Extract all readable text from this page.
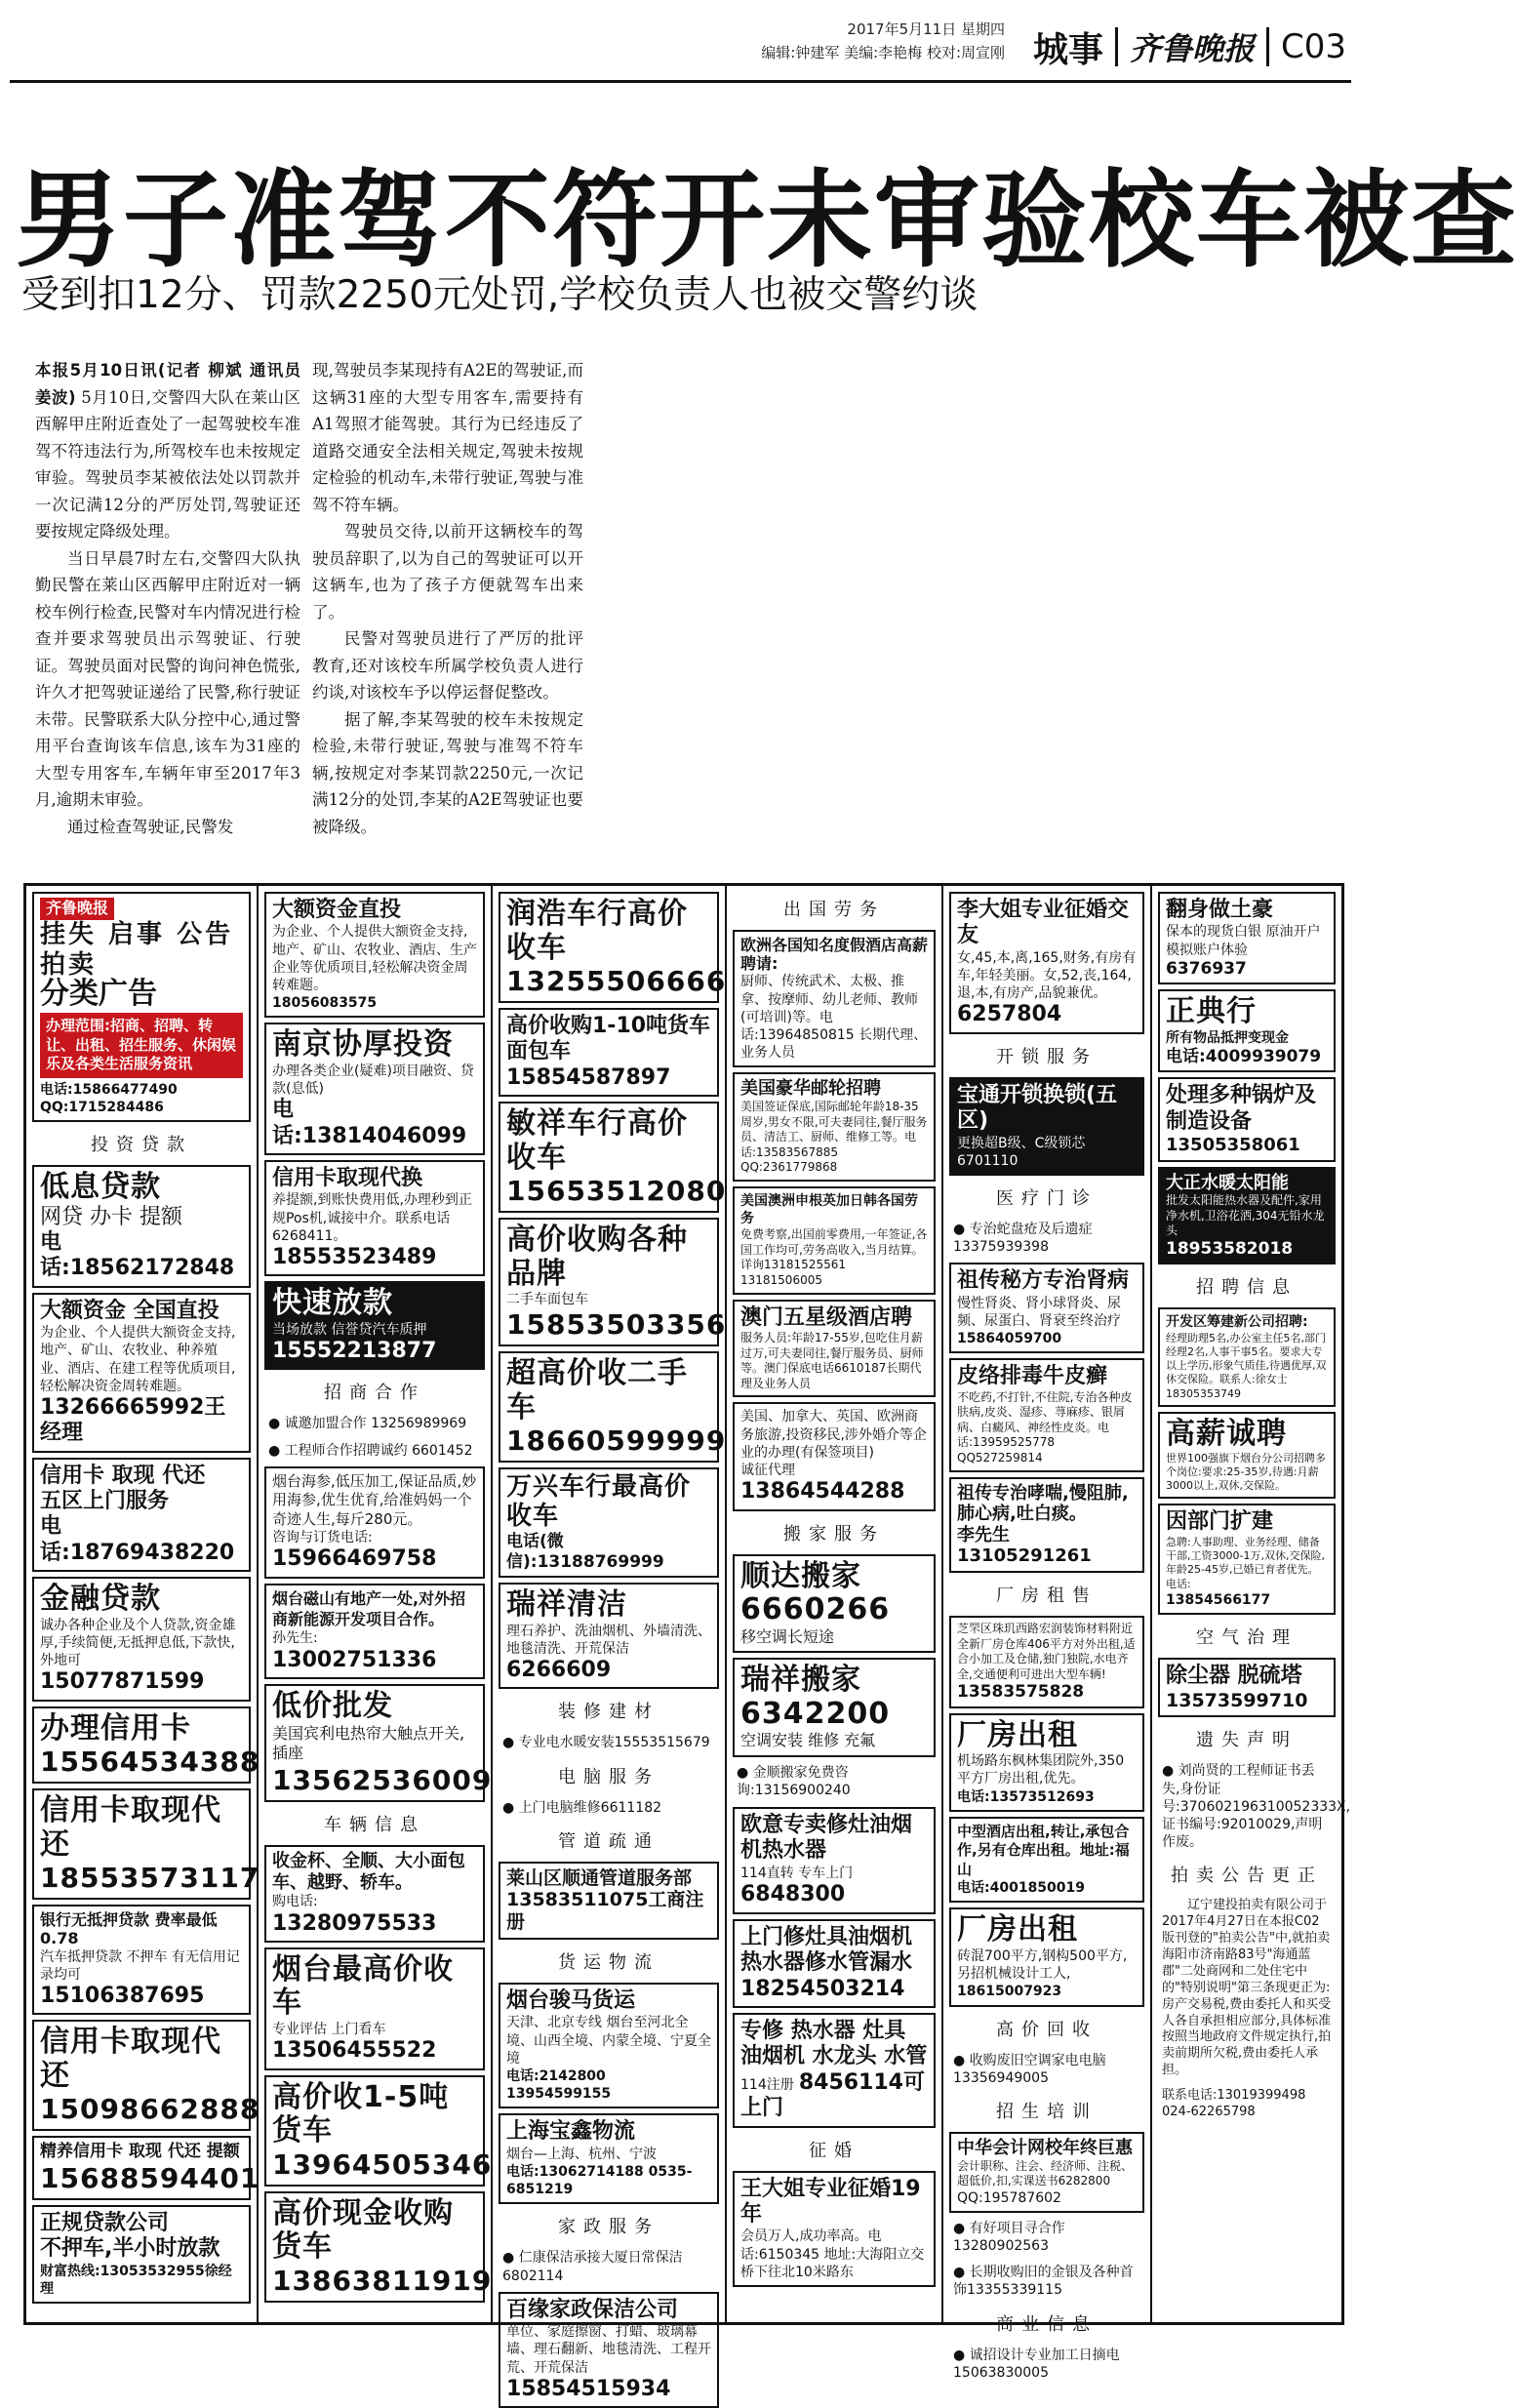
2017年5月11日 星期四
编辑:钟建军 美编:李艳梅 校对:周宣刚 城事 齐鲁晚报 C03
男子准驾不符开未审验校车被查
受到扣12分、罚款2250元处罚,学校负责人也被交警约谈

本报5月10日讯(记者 柳斌 通讯员 姜波) 5月10日,交警四大队在莱山区西解甲庄附近查处了一起驾驶校车准驾不符违法行为,所驾校车也未按规定审验。驾驶员李某被依法处以罚款并一次记满12分的严厉处罚,驾驶证还要按规定降级处理。

当日早晨7时左右,交警四大队执勤民警在莱山区西解甲庄附近对一辆校车例行检查,民警对车内情况进行检查并要求驾驶员出示驾驶证、行驶证。驾驶员面对民警的询问神色慌张,许久才把驾驶证递给了民警,称行驶证未带。民警联系大队分控中心,通过警用平台查询该车信息,该车为31座的大型专用客车,车辆年审至2017年3月,逾期未审验。

通过检查驾驶证,民警发

现,驾驶员李某现持有A2E的驾驶证,而这辆31座的大型专用客车,需要持有A1驾照才能驾驶。其行为已经违反了道路交通安全法相关规定,驾驶未按规定检验的机动车,未带行驶证,驾驶与准驾不符车辆。

驾驶员交待,以前开这辆校车的驾驶员辞职了,以为自己的驾驶证可以开这辆车,也为了孩子方便就驾车出来了。

民警对驾驶员进行了严厉的批评教育,还对该校车所属学校负责人进行约谈,对该校车予以停运督促整改。

据了解,李某驾驶的校车未按规定检验,未带行驶证,驾驶与准驾不符车辆,按规定对李某罚款2250元,一次记满12分的处罚,李某的A2E驾驶证也要被降级。

齐鲁晚报
挂失 启事 公告 拍卖
分类广告
办理范围:招商、招聘、转让、出租、招生服务、休闲娱乐及各类生活服务资讯
电话:15866477490 QQ:1715284486
投资贷款
低息贷款
网贷 办卡 提额
电话:18562172848
大额资金 全国直投
为企业、个人提供大额资金支持,地产、矿山、农牧业、种养殖业、酒店、在建工程等优质项目,轻松解决资金周转难题。
13266665992王经理
信用卡 取现 代还
五区上门服务
电话:18769438220
金融贷款
诚办各种企业及个人贷款,资金雄厚,手续简便,无抵押息低,下款快,外地可
15077871599
办理信用卡
15564534388
信用卡取现代还
18553573117
银行无抵押贷款 费率最低0.78
汽车抵押贷款 不押车 有无信用记录均可
15106387695
信用卡取现代还
15098662888
精养信用卡 取现 代还 提额
15688594401
正规贷款公司
不押车,半小时放款
财富热线:13053532955徐经理
大额资金直投
为企业、个人提供大额资金支持,地产、矿山、农牧业、酒店、生产企业等优质项目,轻松解决资金周转难题。
18056083575
南京协厚投资
办理各类企业(疑难)项目融资、贷款(息低)
电话:13814046099
信用卡取现代换
养提额,到账快费用低,办理秒到正规Pos机,诚接中介。联系电话6268411。
18553523489
快速放款
当场放款 信誉贷汽车质押
15552213877
招商合作
● 诚邀加盟合作 13256989969
● 工程师合作招聘诚约 6601452
烟台海参,低压加工,保证品质,妙用海参,优生优育,给准妈妈一个奇迹人生,每斤280元。
咨询与订货电话:
15966469758
烟台磁山有地产一处,对外招商新能源开发项目合作。
孙先生:
13002751336
低价批发
美国宾利电热帘大触点开关,插座
13562536009
车辆信息
收金杯、全顺、大小面包车、越野、轿车。
购电话:
13280975533
烟台最高价收车
专业评估 上门看车
13506455522
高价收1-5吨货车
13964505346
高价现金收购货车
13863811919
润浩车行高价收车
13255506666
高价收购1-10吨货车面包车
15854587897
敏祥车行高价收车
15653512080
高价收购各种品牌
二手车面包车
15853503356
超高价收二手车
18660599999
万兴车行最高价收车
电话(微信):13188769999
瑞祥清洁
理石养护、洗油烟机、外墙清洗、地毯清洗、开荒保洁
6266609
装修建材
● 专业电水暖安装15553515679
电脑服务
● 上门电脑维修6611182
管道疏通
莱山区顺通管道服务部
13583511075工商注册
货运物流
烟台骏马货运
天津、北京专线 烟台至河北全境、山西全境、内蒙全境、宁夏全境
电话:2142800 13954599155
上海宝鑫物流
烟台—上海、杭州、宁波
电话:13062714188 0535-6851219
家政服务
● 仁康保洁承接大厦日常保洁6802114
百缘家政保洁公司
单位、家庭擦窗、打蜡、玻璃幕墙、理石翻新、地毯清洗、工程开荒、开荒保洁
15854515934
出国劳务
欧洲各国知名度假酒店高薪聘请:
厨师、传统武术、太极、推拿、按摩师、幼儿老师、教师(可培训)等。电话:13964850815 长期代理、业务人员
美国豪华邮轮招聘
美国签证保底,国际邮轮年龄18-35周岁,男女不限,可夫妻同往,餐厅服务员、清洁工、厨师、维修工等。电话:13583567885 QQ:2361779868
美国澳洲申根英加日韩各国劳务
免费考察,出国前零费用,一年签证,各国工作均可,劳务高收入,当月结算。详询13181525561 13181506005
澳门五星级酒店聘
服务人员:年龄17-55岁,包吃住月薪过万,可夫妻同往,餐厅服务员、厨师等。澳门保底电话6610187长期代理及业务人员
美国、加拿大、英国、欧洲商务旅游,投资移民,涉外婚介等企业的办理(有保签项目)
诚征代理
13864544288
搬家服务
顺达搬家 6660266
移空调长短途
瑞祥搬家 6342200
空调安装 维修 充氟
● 金顺搬家免费咨询:13156900240
欧意专卖修灶油烟机热水器
114直转 专车上门 6848300
上门修灶具油烟机热水器修水管漏水
18254503214
专修 热水器 灶具 油烟机 水龙头 水管
114注册 8456114可上门
征婚
王大姐专业征婚19年
会员万人,成功率高。电话:6150345 地址:大海阳立交桥下往北10米路东
李大姐专业征婚交友
女,45,本,离,165,财务,有房有车,年轻美丽。女,52,丧,164,退,本,有房产,品貌兼优。
6257804
开锁服务
宝通开锁换锁(五区)
更换超B级、C级锁芯6701110
医疗门诊
● 专治蛇盘疮及后遗症13375939398
祖传秘方专治肾病
慢性肾炎、肾小球肾炎、尿频、尿蛋白、肾衰至终治疗
15864059700
皮络排毒牛皮癣
不吃药,不打针,不住院,专治各种皮肤病,皮炎、湿疹、荨麻疹、银屑病、白癜风、神经性皮炎。电话:13959525778 QQ527259814
祖传专治哮喘,慢阻肺,肺心病,吐白痰。
李先生13105291261
厂房租售
芝罘区珠玑西路宏润装饰材料附近全新厂房仓库406平方对外出租,适合小加工及仓储,独门独院,水电齐全,交通便利可进出大型车辆!
13583575828
厂房出租
机场路东枫林集团院外,350平方厂房出租,优先。
电话:13573512693
中型酒店出租,转让,承包合作,另有仓库出租。地址:福山
电话:4001850019
厂房出租
砖混700平方,钢构500平方,另招机械设计工人,
18615007923
高价回收
● 收购废旧空调家电电脑13356949005
招生培训
中华会计网校年终巨惠
会计职称、注会、经济师、注税、超低价,扣,实课送书6282800
QQ:195787602
● 有好项目寻合作13280902563
● 长期收购旧的金银及各种首饰13355339115
商业信息
● 诚招设计专业加工日摘电15063830005
翻身做土豪
保本的现货白银 原油开户 模拟账户体验
6376937
正典行
所有物品抵押变现金
电话:4009939079
处理多种锅炉及制造设备
13505358061
大正水暖太阳能
批发太阳能热水器及配件,家用净水机,卫浴花洒,304无铅水龙头
18953582018
招聘信息
开发区筹建新公司招聘:
经理助理5名,办公室主任5名,部门经理2名,人事干事5名。要求大专以上学历,形象气质佳,待遇优厚,双休交保险。联系人:徐女士 18305353749
高薪诚聘
世界100强旗下烟台分公司招聘多个岗位:要求:25-35岁,待遇:月薪3000以上,双休,交保险。
因部门扩建
急聘:人事助理、业务经理、储备干部,工资3000-1万,双休,交保险,年龄25-45岁,已婚已育者优先。电话:
13854566177
空气治理
除尘器 脱硫塔
13573599710
遗失声明
● 刘尚贤的工程师证书丢失,身份证号:370602196310052333X,证书编号:92010029,声明作废。
拍卖公告更正
辽宁建投拍卖有限公司于2017年4月27日在本报C02版刊登的"拍卖公告"中,就拍卖海阳市济南路83号"海通蓝郡"二处商网和二处住宅中的"特别说明"第三条现更正为:房产交易税,费由委托人和买受人各自承担相应部分,具体标准按照当地政府文件规定执行,拍卖前期所欠税,费由委托人承担。
联系电话:13019399498 024-62265798
